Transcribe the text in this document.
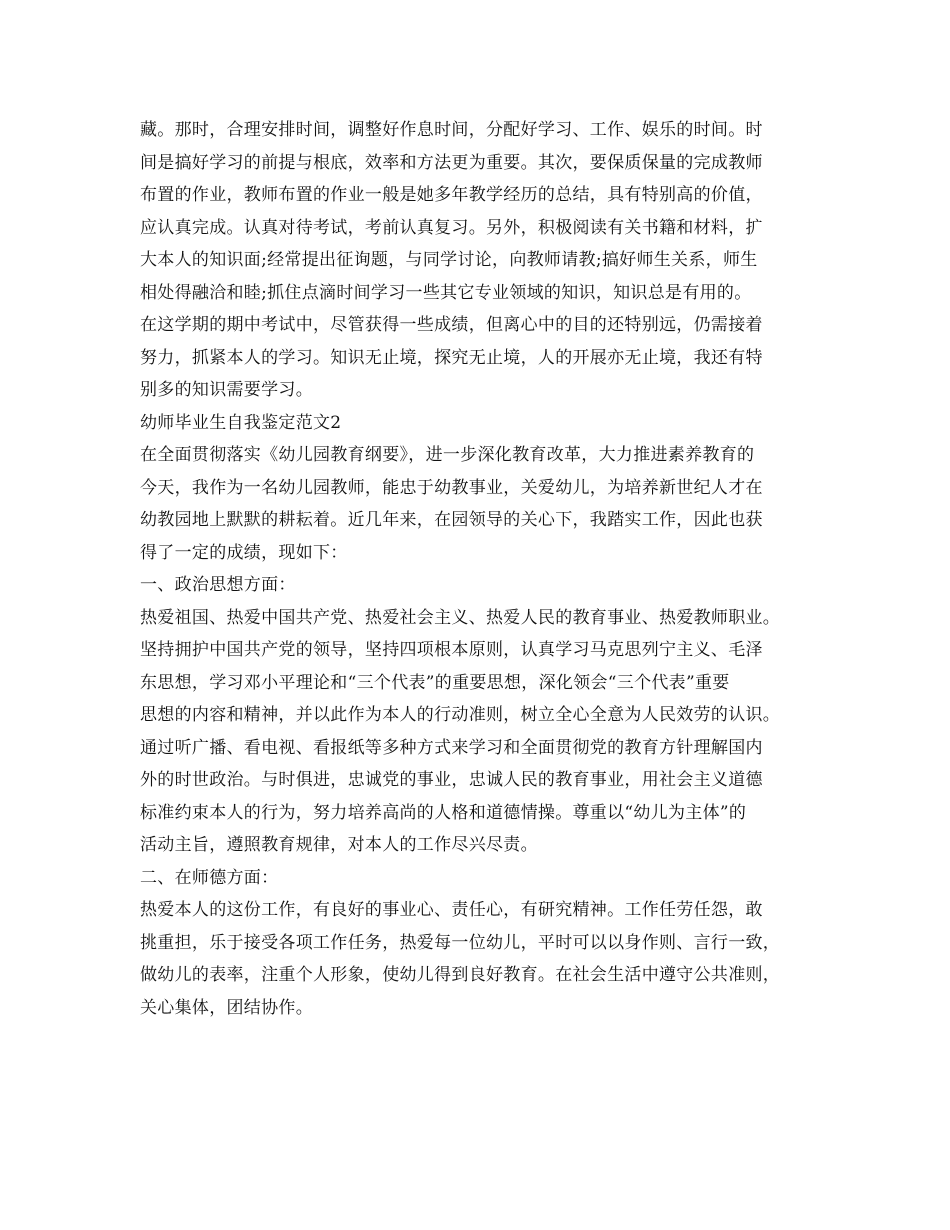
藏。那时，合理安排时间，调整好作息时间，分配好学习、工作、娱乐的时间。时
间是搞好学习的前提与根底，效率和方法更为重要。其次，要保质保量的完成教师
布置的作业，教师布置的作业一般是她多年教学经历的总结，具有特别高的价值，
应认真完成。认真对待考试，考前认真复习。另外，积极阅读有关书籍和材料，扩
大本人的知识面;经常提出征询题，与同学讨论，向教师请教;搞好师生关系，师生
相处得融洽和睦;抓住点滴时间学习一些其它专业领域的知识，知识总是有用的。
在这学期的期中考试中，尽管获得一些成绩，但离心中的目的还特别远，仍需接着
努力，抓紧本人的学习。知识无止境，探究无止境，人的开展亦无止境，我还有特
别多的知识需要学习。
幼师毕业生自我鉴定范文2
在全面贯彻落实《幼儿园教育纲要》，进一步深化教育改革，大力推进素养教育的
今天，我作为一名幼儿园教师，能忠于幼教事业，关爱幼儿，为培养新世纪人才在
幼教园地上默默的耕耘着。近几年来，在园领导的关心下，我踏实工作，因此也获
得了一定的成绩，现如下：
一、政治思想方面：
热爱祖国、热爱中国共产党、热爱社会主义、热爱人民的教育事业、热爱教师职业。
坚持拥护中国共产党的领导，坚持四项根本原则，认真学习马克思列宁主义、毛泽
东思想，学习邓小平理论和“三个代表”的重要思想，深化领会“三个代表”重要
思想的内容和精神，并以此作为本人的行动准则，树立全心全意为人民效劳的认识。
通过听广播、看电视、看报纸等多种方式来学习和全面贯彻党的教育方针理解国内
外的时世政治。与时俱进，忠诚党的事业，忠诚人民的教育事业，用社会主义道德
标准约束本人的行为，努力培养高尚的人格和道德情操。尊重以“幼儿为主体”的
活动主旨，遵照教育规律，对本人的工作尽兴尽责。
二、在师德方面：
热爱本人的这份工作，有良好的事业心、责任心，有研究精神。工作任劳任怨，敢
挑重担，乐于接受各项工作任务，热爱每一位幼儿，平时可以以身作则、言行一致，
做幼儿的表率，注重个人形象，使幼儿得到良好教育。在社会生活中遵守公共准则，
关心集体，团结协作。
